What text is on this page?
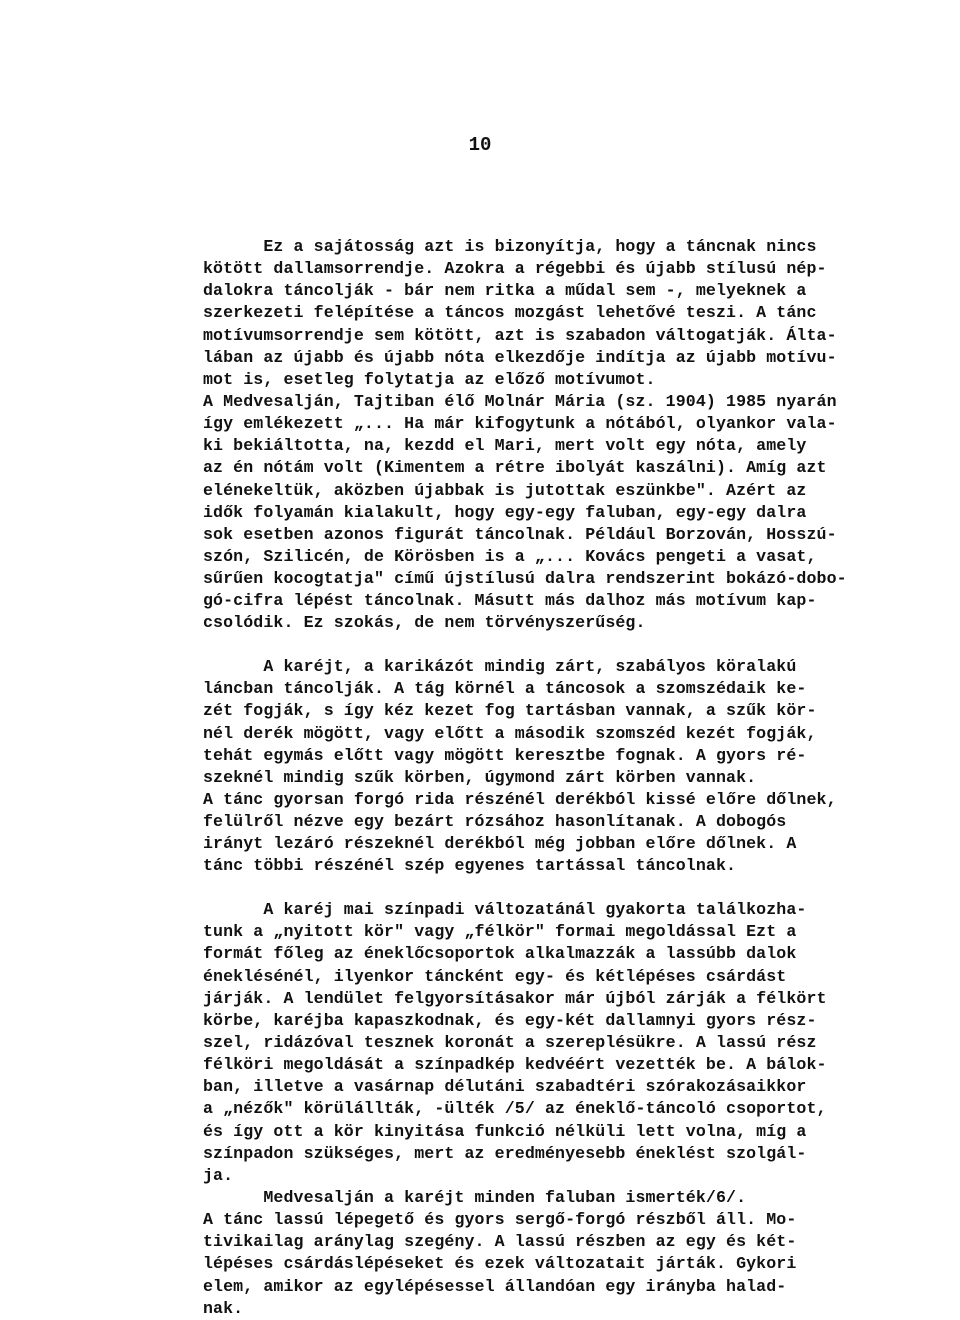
10
Ez a sajátosság azt is bizonyítja, hogy a táncnak nincs
kötött dallamsorrendje. Azokra a régebbi és újabb stílusú nép-
dalokra táncolják - bár nem ritka a műdal sem -, melyeknek a
szerkezeti felépítése a táncos mozgást lehetővé teszi. A tánc
motívumsorrendje sem kötött, azt is szabadon váltogatják. Álta-
lában az újabb és újabb nóta elkezdője indítja az újabb motívu-
mot is, esetleg folytatja az előző motívumot.
A Medvesalján, Tajtiban élő Molnár Mária (sz. 1904) 1985 nyarán
így emlékezett „... Ha már kifogytunk a nótából, olyankor vala-
ki bekiáltotta, na, kezdd el Mari, mert volt egy nóta, amely
az én nótám volt (Kimentem a rétre ibolyát kaszálni). Amíg azt
elénekeltük, aközben újabbak is jutottak eszünkbe". Azért az
idők folyamán kialakult, hogy egy-egy faluban, egy-egy dalra
sok esetben azonos figurát táncolnak. Például Borzován, Hosszú-
szón, Szilicén, de Körösben is a „... Kovács pengeti a vasat,
sűrűen kocogtatja" című újstílusú dalra rendszerint bokázó-dobo-
gó-cifra lépést táncolnak. Másutt más dalhoz más motívum kap-
csolódik. Ez szokás, de nem törvényszerűség.
A karéjt, a karikázót mindig zárt, szabályos köralakú
láncban táncolják. A tág körnél a táncosok a szomszédaik ke-
zét fogják, s így kéz kezet fog tartásban vannak, a szűk kör-
nél derék mögött, vagy előtt a második szomszéd kezét fogják,
tehát egymás előtt vagy mögött keresztbe fognak. A gyors ré-
szeknél mindig szűk körben, úgymond zárt körben vannak.
A tánc gyorsan forgó rida részénél derékból kissé előre dőlnek,
felülről nézve egy bezárt rózsához hasonlítanak. A dobogós
irányt lezáró részeknél derékból még jobban előre dőlnek. A
tánc többi részénél szép egyenes tartással táncolnak.
A karéj mai színpadi változatánál gyakorta találkozha-
tunk a „nyitott kör" vagy „félkör" formai megoldással Ezt a
formát főleg az éneklőcsoportok alkalmazzák a lassúbb dalok
éneklésénél, ilyenkor táncként egy- és kétlépéses csárdást
járják. A lendület felgyorsításakor már újból zárják a félkört
körbe, karéjba kapaszkodnak, és egy-két dallamnyi gyors rész-
szel, ridázóval tesznek koronát a szereplésükre. A lassú rész
félköri megoldását a színpadkép kedvéért vezették be. A bálok-
ban, illetve a vasárnap délutáni szabadtéri szórakozásaikkor
a „nézők" körülállták, -ülték /5/ az éneklő-táncoló csoportot,
és így ott a kör kinyitása funkció nélküli lett volna, míg a
színpadon szükséges, mert az eredményesebb éneklést szolgál-
ja.
Medvesalján a karéjt minden faluban ismerték/6/.
A tánc lassú lépegető és gyors sergő-forgó részből áll. Mo-
tivikailag aránylag szegény. A lassú részben az egy és két-
lépéses csárdáslépéseket és ezek változatait járták. Gykori
elem, amikor az egylépésessel állandóan egy irányba halad-
nak.
